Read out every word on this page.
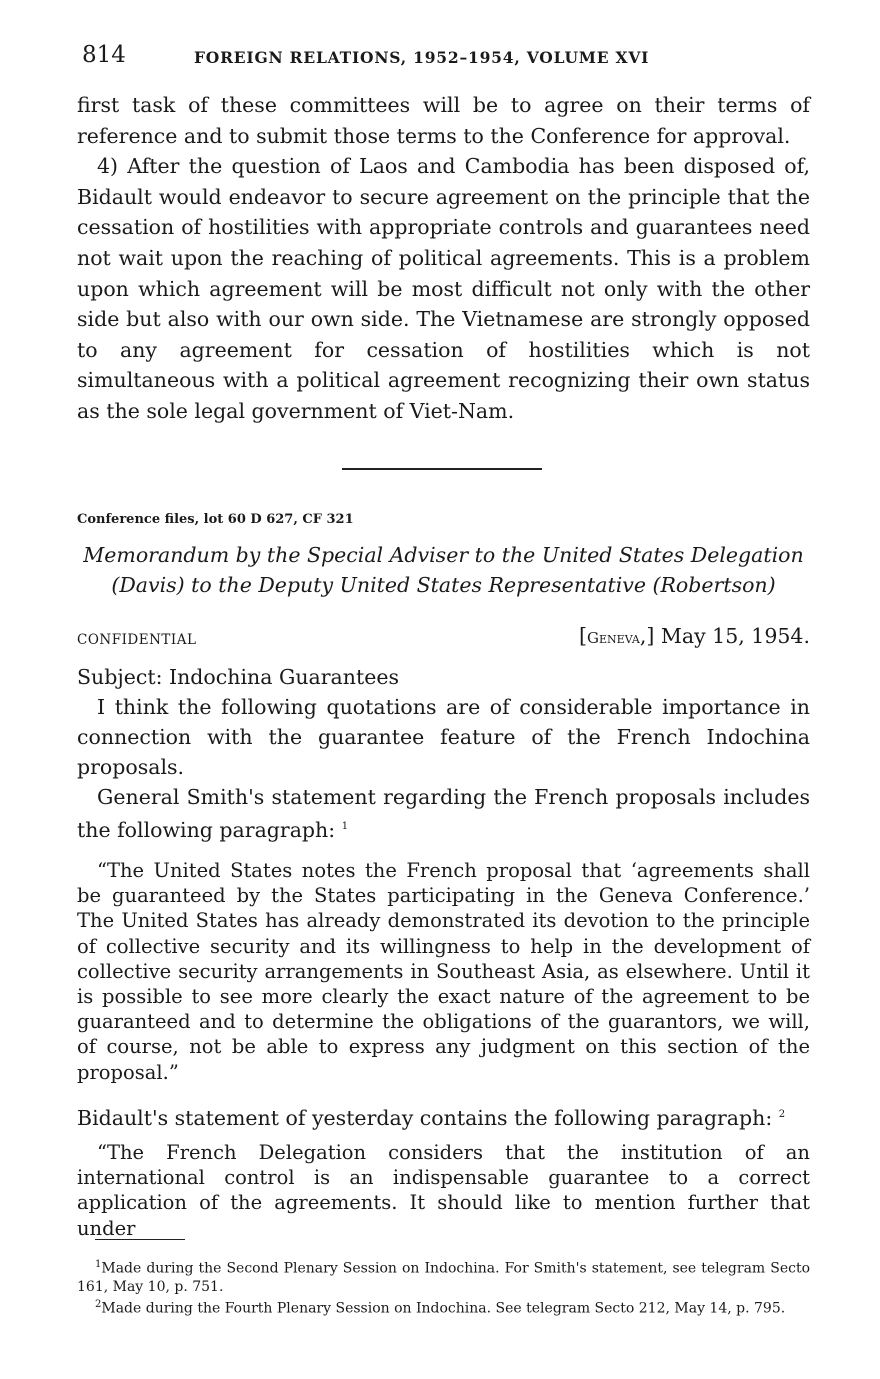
814	FOREIGN RELATIONS, 1952–1954, VOLUME XVI

first task of these committees will be to agree on their terms of reference and to submit those terms to the Conference for approval.

4) After the question of Laos and Cambodia has been disposed of, Bidault would endeavor to secure agreement on the principle that the cessation of hostilities with appropriate controls and guarantees need not wait upon the reaching of political agreements. This is a problem upon which agreement will be most difficult not only with the other side but also with our own side. The Vietnamese are strongly opposed to any agreement for cessation of hostilities which is not simultaneous with a political agreement recognizing their own status as the sole legal government of Viet-Nam.

Conference files, lot 60 D 627, CF 321
Memorandum by the Special Adviser to the United States Delegation
(Davis) to the Deputy United States Representative (Robertson)
CONFIDENTIAL	[Geneva,] May 15, 1954.

Subject: Indochina Guarantees

I think the following quotations are of considerable importance in connection with the guarantee feature of the French Indochina proposals.

General Smith's statement regarding the French proposals includes the following paragraph: $^1$

“The United States notes the French proposal that ‘agreements shall be guaranteed by the States participating in the Geneva Conference.’ The United States has already demonstrated its devotion to the principle of collective security and its willingness to help in the development of collective security arrangements in Southeast Asia, as elsewhere. Until it is possible to see more clearly the exact nature of the agreement to be guaranteed and to determine the obligations of the guarantors, we will, of course, not be able to express any judgment on this section of the proposal.”

Bidault's statement of yesterday contains the following paragraph: $^2$

“The French Delegation considers that the institution of an international control is an indispensable guarantee to a correct application of the agreements. It should like to mention further that under

$^1$Made during the Second Plenary Session on Indochina. For Smith's statement, see telegram Secto 161, May 10, p. 751.

$^2$Made during the Fourth Plenary Session on Indochina. See telegram Secto 212, May 14, p. 795.
